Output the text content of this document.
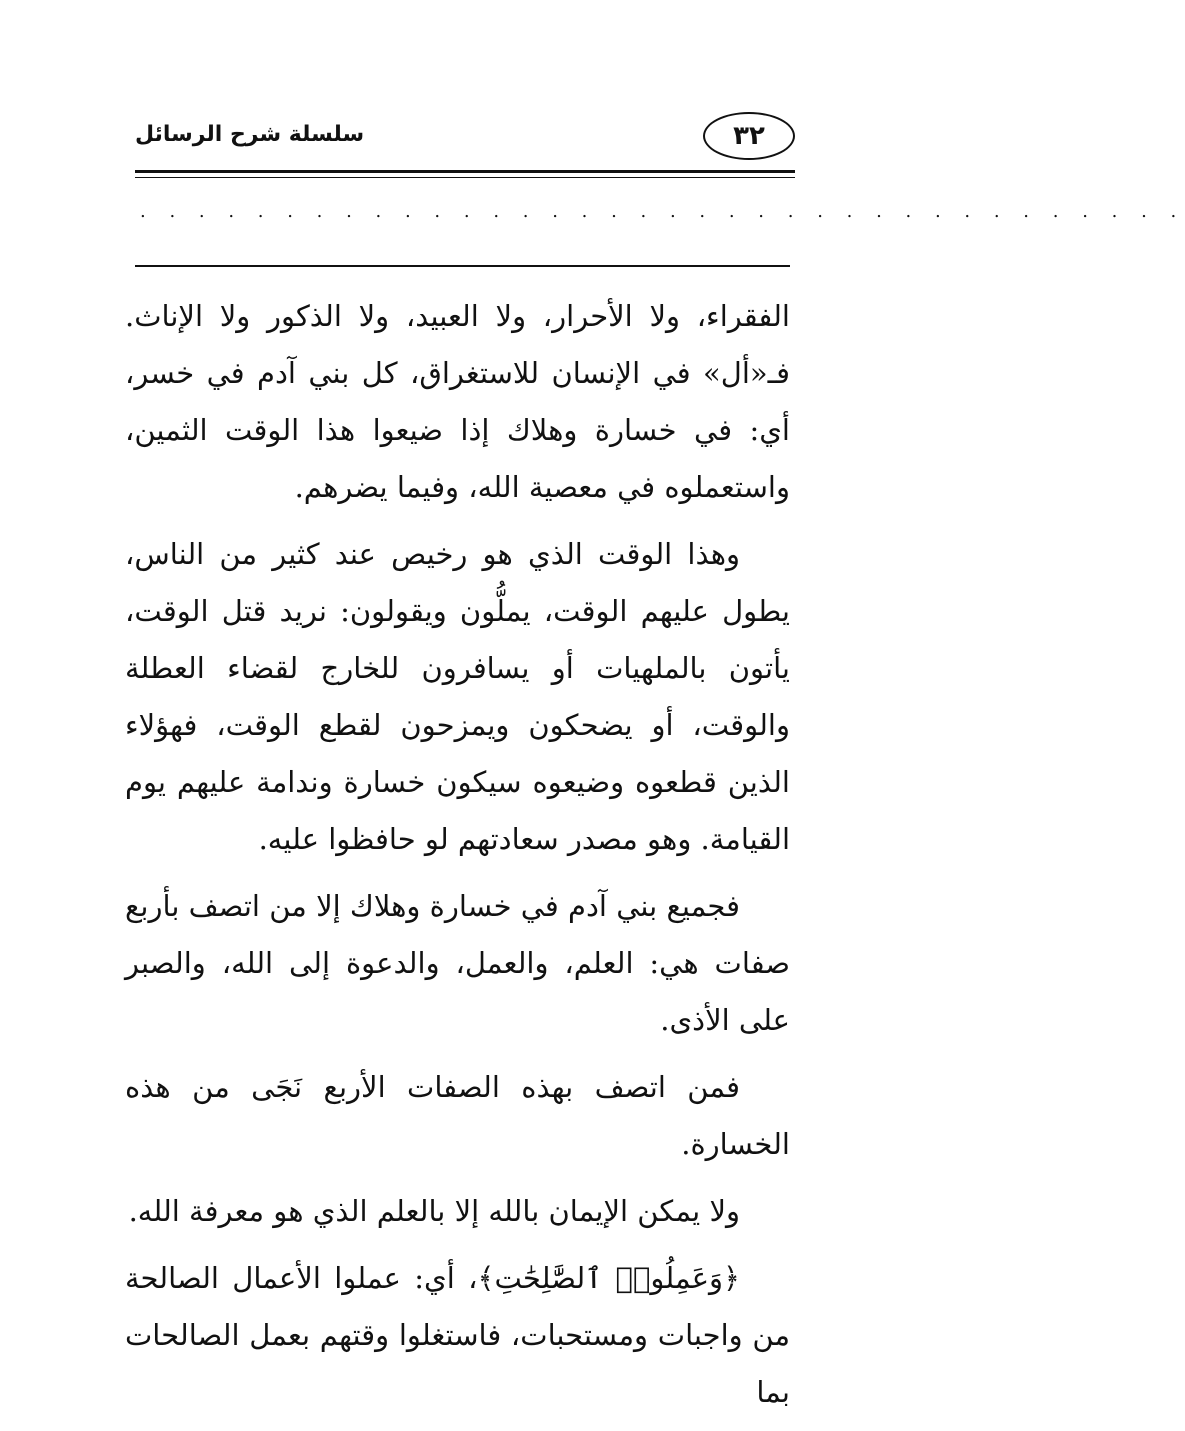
سلسلة شرح الرسائل	٣٢
. . . . . . . . . . . . . . . . . . . . . . . . . . . . . . . . . . . .

الفقراء، ولا الأحرار، ولا العبيد، ولا الذكور ولا الإناث. فـ«أل» في الإنسان للاستغراق، كل بني آدم في خسر، أي: في خسارة وهلاك إذا ضيعوا هذا الوقت الثمين، واستعملوه في معصية الله، وفيما يضرهم.

وهذا الوقت الذي هو رخيص عند كثير من الناس، يطول عليهم الوقت، يملُّون ويقولون: نريد قتل الوقت، يأتون بالملهيات أو يسافرون للخارج لقضاء العطلة والوقت، أو يضحكون ويمزحون لقطع الوقت، فهؤلاء الذين قطعوه وضيعوه سيكون خسارة وندامة عليهم يوم القيامة. وهو مصدر سعادتهم لو حافظوا عليه.

فجميع بني آدم في خسارة وهلاك إلا من اتصف بأربع صفات هي: العلم، والعمل، والدعوة إلى الله، والصبر على الأذى.

فمن اتصف بهذه الصفات الأربع نَجَى من هذه الخسارة.

ولا يمكن الإيمان بالله إلا بالعلم الذي هو معرفة الله.

﴿وَعَمِلُوا۟ ٱلصَّٰلِحَٰتِ﴾، أي: عملوا الأعمال الصالحة من واجبات ومستحبات، فاستغلوا وقتهم بعمل الصالحات بما
